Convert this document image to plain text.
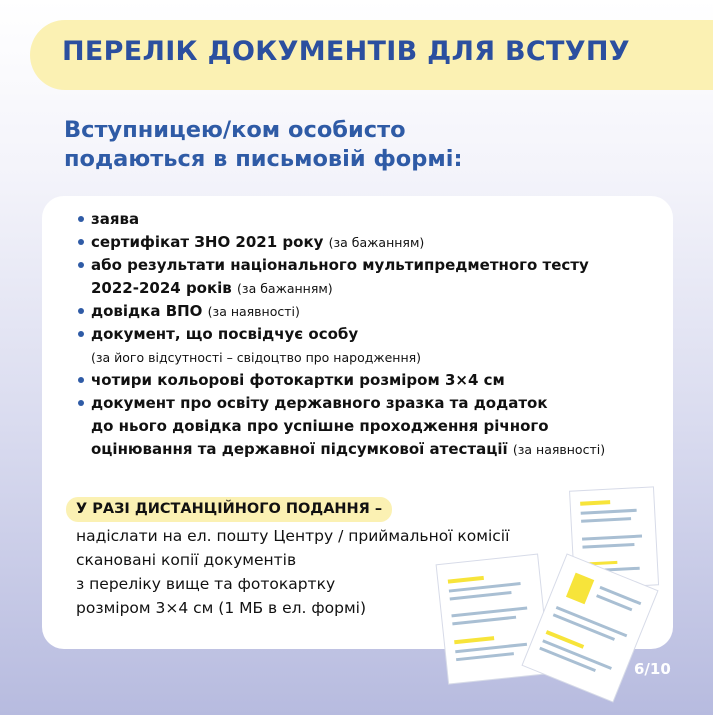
ПЕРЕЛІК ДОКУМЕНТІВ ДЛЯ ВСТУПУ
Вступницею/ком особисто
подаються в письмовій формі:
заява
сертифікат ЗНО 2021 року (за бажанням)
або результати національного мультипредметного тесту
2022-2024 років (за бажанням)
довідка ВПО (за наявності)
документ, що посвідчує особу
(за його відсутності – свідоцтво про народження)
чотири кольорові фотокартки розміром 3×4 см
документ про освіту державного зразка та додаток
до нього довідка про успішне проходження річного
оцінювання та державної підсумкової атестації (за наявності)
У РАЗІ ДИСТАНЦІЙНОГО ПОДАННЯ –
надіслати на ел. пошту Центру / приймальної комісії
скановані копії документів
з переліку вище та фотокартку
розміром 3×4 см (1 МБ в ел. формі)
6/10
